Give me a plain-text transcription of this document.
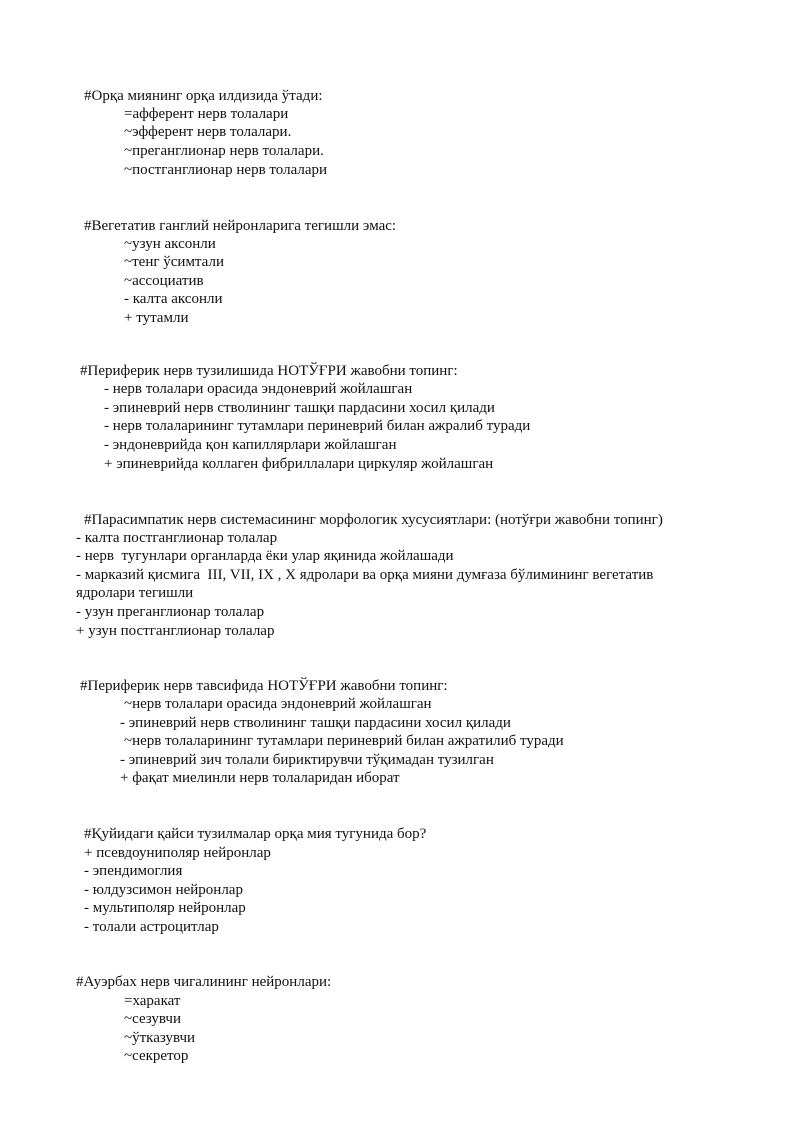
#Орқа миянинг орқа илдизида ўтади:
=афферент нерв толалари
~эфферент нерв толалари.
~преганглионар нерв толалари.
~постганглионар нерв толалари
#Вегетатив ганглий нейронларига тегишли эмас:
~узун аксонли
~тенг ўсимтали
~ассоциатив
- калта аксонли
+ тутамли
#Периферик нерв тузилишида НОТЎҒРИ жавобни топинг:
- нерв толалари орасида эндоневрий жойлашган
- эпиневрий нерв стволининг ташқи пардасини хосил қилади
- нерв толаларининг тутамлари периневрий билан ажралиб туради
- эндоневрийда қон капиллярлари жойлашган
+ эпиневрийда коллаген фибриллалари циркуляр жойлашган
#Парасимпатик нерв системасининг морфологик хусусиятлари: (нотўғри жавобни топинг)
- калта постганглионар толалар
- нерв  тугунлари органларда ёки улар яқинида жойлашади
- марказий қисмига  III, VII, IX , X ядролари ва орқа мияни думғаза бўлимининг вегетатив
ядролари тегишли
- узун преганглионар толалар
+ узун постганглионар толалар
#Периферик нерв тавсифида НОТЎҒРИ жавобни топинг:
~нерв толалари орасида эндоневрий жойлашган
- эпиневрий нерв стволининг ташқи пардасини хосил қилади
~нерв толаларининг тутамлари периневрий билан ажратилиб туради
- эпиневрий зич толали бириктирувчи тўқимадан тузилган
+ фақат миелинли нерв толаларидан иборат
#Қуйидаги қайси тузилмалар орқа мия тугунида бор?
+ псевдоуниполяр нейронлар
- эпендимоглия
- юлдузсимон нейронлар
- мультиполяр нейронлар
- толали астроцитлар
#Ауэрбах нерв чигалининг нейронлари:
=харакат
~сезувчи
~ўтказувчи
~секретор
